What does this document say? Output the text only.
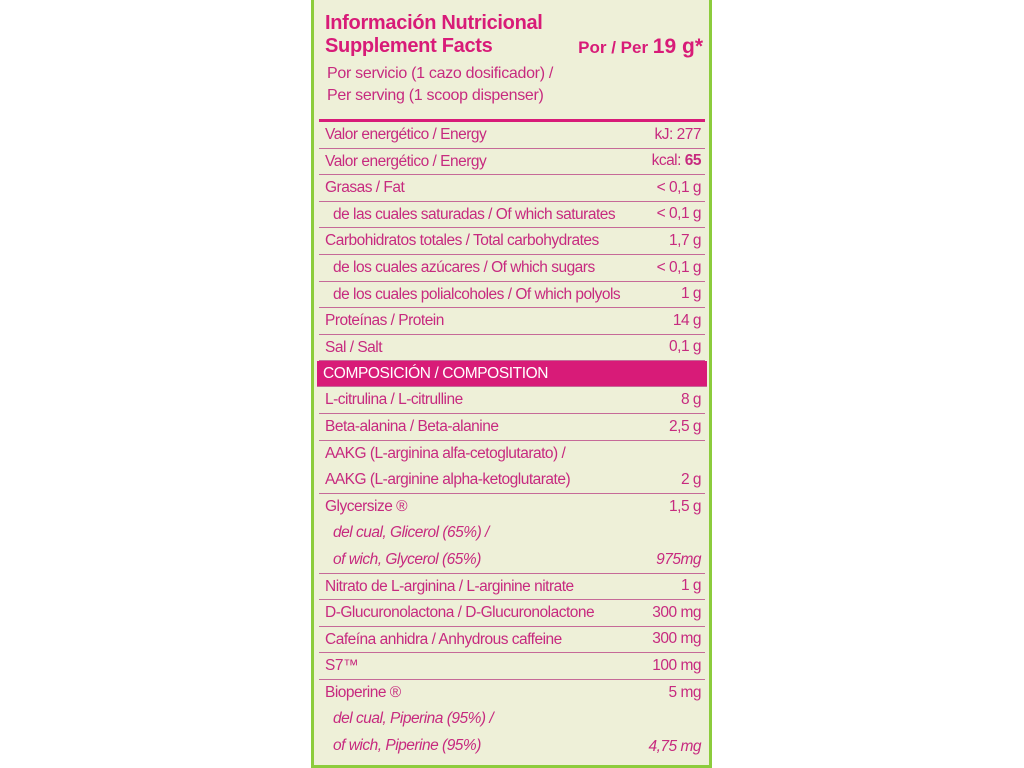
Información Nutricional
Supplement Facts	Por / Per 19 g*
Por servicio (1 cazo dosificador) /
Per serving (1 scoop dispenser)
Valor energético / Energy	kJ: 277
Valor energético / Energy	kcal: 65
Grasas / Fat	< 0,1 g
de las cuales saturadas / Of which saturates	< 0,1 g
Carbohidratos totales / Total carbohydrates	1,7 g
de los cuales azúcares / Of which sugars	< 0,1 g
de los cuales polialcoholes / Of which polyols	1 g
Proteínas / Protein	14 g
Sal / Salt	0,1 g
COMPOSICIÓN / COMPOSITION
L-citrulina / L-citrulline	8 g
Beta-alanina / Beta-alanine	2,5 g
AAKG (L-arginina alfa-cetoglutarato) /
AAKG (L-arginine alpha-ketoglutarate)	2 g
Glycersize ®	1,5 g
del cual, Glicerol (65%) /
of wich, Glycerol (65%)	975mg
Nitrato de L-arginina / L-arginine nitrate	1 g
D-Glucuronolactona / D-Glucuronolactone	300 mg
Cafeína anhidra / Anhydrous caffeine	300 mg
S7™	100 mg
Bioperine ®	5 mg
del cual, Piperina (95%) /
of wich, Piperine (95%)	4,75 mg
